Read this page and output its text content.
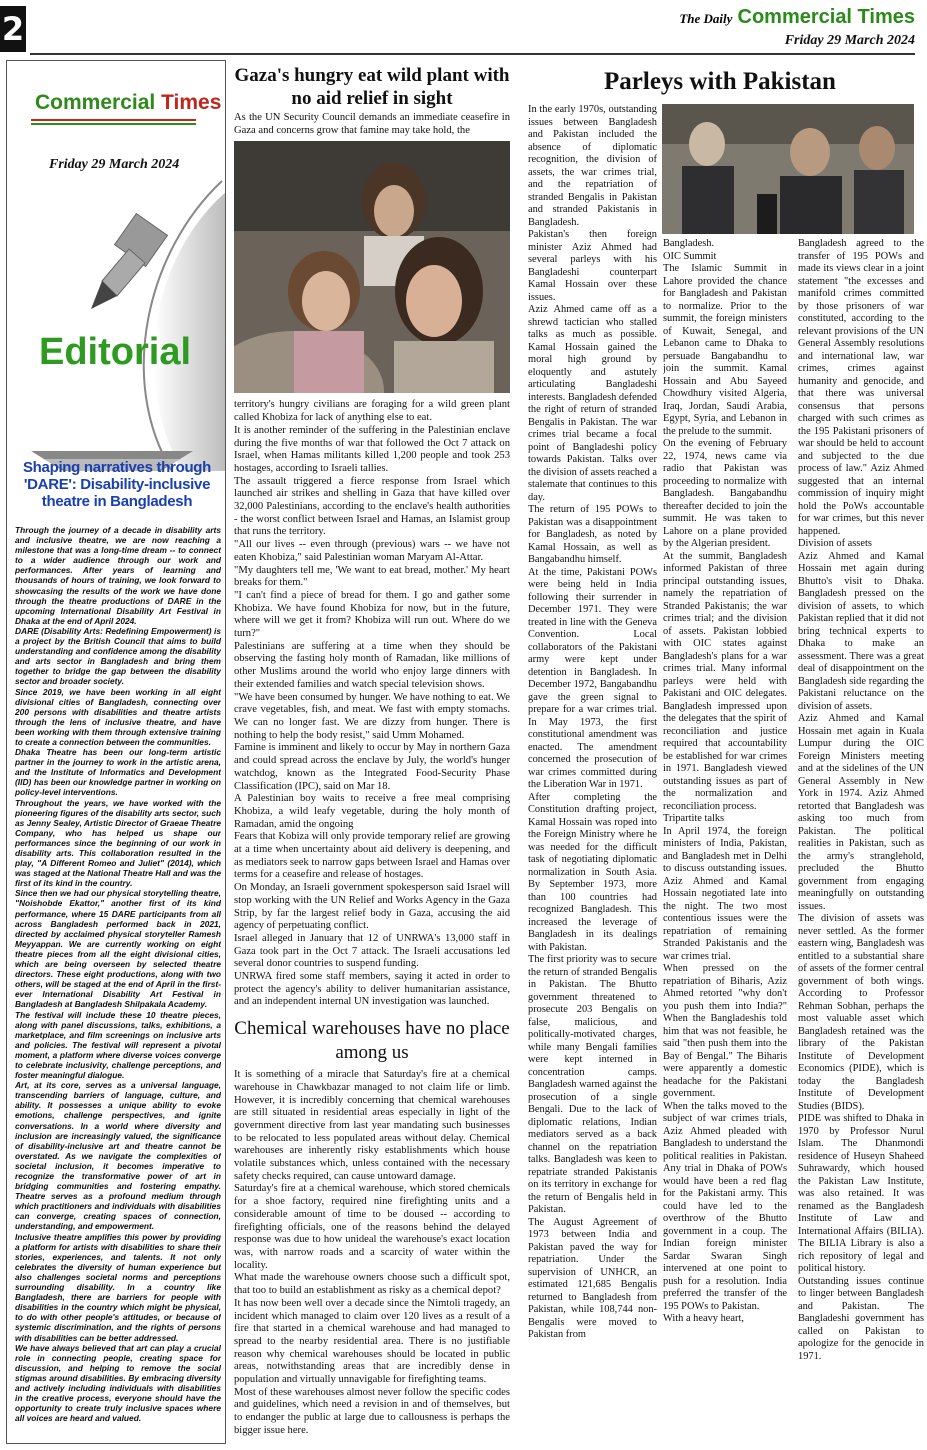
2	The Daily Commercial Times
Friday 29 March 2024
Commercial Times
Friday 29 March 2024
Editorial
Shaping narratives through 'DARE': Disability-inclusive theatre in Bangladesh

Through the journey of a decade in disability arts and inclusive theatre, we are now reaching a milestone that was a long-time dream -- to connect to a wider audience through our work and performances. After years of learning and thousands of hours of training, we look forward to showcasing the results of the work we have done through the theatre productions of DARE in the upcoming International Disability Art Festival in Dhaka at the end of April 2024.

DARE (Disability Arts: Redefining Empowerment) is a project by the British Council that aims to build understanding and confidence among the disability and arts sector in Bangladesh and bring them together to bridge the gap between the disability sector and broader society.

Since 2019, we have been working in all eight divisional cities of Bangladesh, connecting over 200 persons with disabilities and theatre artists through the lens of inclusive theatre, and have been working with them through extensive training to create a connection between the communities.

Dhaka Theatre has been our long-term artistic partner in the journey to work in the artistic arena, and the Institute of Informatics and Development (IID) has been our knowledge partner in working on policy-level interventions.

Throughout the years, we have worked with the pioneering figures of the disability arts sector, such as Jenny Sealey, Artistic Director of Graeae Theatre Company, who has helped us shape our performances since the beginning of our work in disability arts. This collaboration resulted in the play, "A Different Romeo and Juliet" (2014), which was staged at the National Theatre Hall and was the first of its kind in the country.

Since then we had our physical storytelling theatre, "Noishobde Ekattor," another first of its kind performance, where 15 DARE participants from all across Bangladesh performed back in 2021, directed by acclaimed physical storyteller Ramesh Meyyappan. We are currently working on eight theatre pieces from all the eight divisional cities, which are being overseen by selected theatre directors. These eight productions, along with two others, will be staged at the end of April in the first-ever International Disability Art Festival in Bangladesh at Bangladesh Shilpakala Academy.

The festival will include these 10 theatre pieces, along with panel discussions, talks, exhibitions, a marketplace, and film screenings on inclusive arts and policies. The festival will represent a pivotal moment, a platform where diverse voices converge to celebrate inclusivity, challenge perceptions, and foster meaningful dialogue.

Art, at its core, serves as a universal language, transcending barriers of language, culture, and ability. It possesses a unique ability to evoke emotions, challenge perspectives, and ignite conversations. In a world where diversity and inclusion are increasingly valued, the significance of disability-inclusive art and theatre cannot be overstated. As we navigate the complexities of societal inclusion, it becomes imperative to recognize the transformative power of art in bridging communities and fostering empathy. Theatre serves as a profound medium through which practitioners and individuals with disabilities can converge, creating spaces of connection, understanding, and empowerment.

Inclusive theatre amplifies this power by providing a platform for artists with disabilities to share their stories, experiences, and talents. It not only celebrates the diversity of human experience but also challenges societal norms and perceptions surrounding disability. In a country like Bangladesh, there are barriers for people with disabilities in the country which might be physical, to do with other people's attitudes, or because of systemic discrimination, and the rights of persons with disabilities can be better addressed.

We have always believed that art can play a crucial role in connecting people, creating space for discussion, and helping to remove the social stigmas around disabilities. By embracing diversity and actively including individuals with disabilities in the creative process, everyone should have the opportunity to create truly inclusive spaces where all voices are heard and valued.

Gaza's hungry eat wild plant with no aid relief in sight
As the UN Security Council demands an immediate ceasefire in Gaza and concerns grow that famine may take hold, the

territory's hungry civilians are foraging for a wild green plant called Khobiza for lack of anything else to eat.

It is another reminder of the suffering in the Palestinian enclave during the five months of war that followed the Oct 7 attack on Israel, when Hamas militants killed 1,200 people and took 253 hostages, according to Israeli tallies.

The assault triggered a fierce response from Israel which launched air strikes and shelling in Gaza that have killed over 32,000 Palestinians, according to the enclave's health authorities - the worst conflict between Israel and Hamas, an Islamist group that runs the territory.

"All our lives -- even through (previous) wars -- we have not eaten Khobiza," said Palestinian woman Maryam Al-Attar.

"My daughters tell me, 'We want to eat bread, mother.' My heart breaks for them."

"I can't find a piece of bread for them. I go and gather some Khobiza. We have found Khobiza for now, but in the future, where will we get it from? Khobiza will run out. Where do we turn?"

Palestinians are suffering at a time when they should be observing the fasting holy month of Ramadan, like millions of other Muslims around the world who enjoy large dinners with their extended families and watch special television shows.

"We have been consumed by hunger. We have nothing to eat. We crave vegetables, fish, and meat. We fast with empty stomachs. We can no longer fast. We are dizzy from hunger. There is nothing to help the body resist," said Umm Mohamed.

Famine is imminent and likely to occur by May in northern Gaza and could spread across the enclave by July, the world's hunger watchdog, known as the Integrated Food-Security Phase Classification (IPC), said on Mar 18.

A Palestinian boy waits to receive a free meal comprising Khobiza, a wild leafy vegetable, during the holy month of Ramadan, amid the ongoing

Fears that Kobiza will only provide temporary relief are growing at a time when uncertainty about aid delivery is deepening, and as mediators seek to narrow gaps between Israel and Hamas over terms for a ceasefire and release of hostages.

On Monday, an Israeli government spokesperson said Israel will stop working with the UN Relief and Works Agency in the Gaza Strip, by far the largest relief body in Gaza, accusing the aid agency of perpetuating conflict.

Israel alleged in January that 12 of UNRWA's 13,000 staff in Gaza took part in the Oct 7 attack. The Israeli accusations led several donor countries to suspend funding.

UNRWA fired some staff members, saying it acted in order to protect the agency's ability to deliver humanitarian assistance, and an independent internal UN investigation was launched.

Chemical warehouses have no place among us

It is something of a miracle that Saturday's fire at a chemical warehouse in Chawkbazar managed to not claim life or limb. However, it is incredibly concerning that chemical warehouses are still situated in residential areas especially in light of the government directive from last year mandating such businesses to be relocated to less populated areas without delay. Chemical warehouses are inherently risky establishments which house volatile substances which, unless contained with the necessary safety checks required, can cause untoward damage.

Saturday's fire at a chemical warehouse, which stored chemicals for a shoe factory, required nine firefighting units and a considerable amount of time to be doused -- according to firefighting officials, one of the reasons behind the delayed response was due to how unideal the warehouse's exact location was, with narrow roads and a scarcity of water within the locality.

What made the warehouse owners choose such a difficult spot, that too to build an establishment as risky as a chemical depot?

It has now been well over a decade since the Nimtoli tragedy, an incident which managed to claim over 120 lives as a result of a fire that started in a chemical warehouse and had managed to spread to the nearby residential area. There is no justifiable reason why chemical warehouses should be located in public areas, notwithstanding areas that are incredibly dense in population and virtually unnavigable for firefighting teams.

Most of these warehouses almost never follow the specific codes and guidelines, which need a revision in and of themselves, but to endanger the public at large due to callousness is perhaps the bigger issue here.

Parleys with Pakistan

In the early 1970s, outstanding issues between Bangladesh and Pakistan included the absence of diplomatic recognition, the division of assets, the war crimes trial, and the repatriation of stranded Bengalis in Pakistan and stranded Pakistanis in Bangladesh.

Pakistan's then foreign minister Aziz Ahmed had several parleys with his Bangladeshi counterpart Kamal Hossain over these issues.

Aziz Ahmed came off as a shrewd tactician who stalled talks as much as possible. Kamal Hossain gained the moral high ground by eloquently and astutely articulating Bangladeshi interests. Bangladesh defended the right of return of stranded Bengalis in Pakistan. The war crimes trial became a focal point of Bangladeshi policy towards Pakistan. Talks over the division of assets reached a stalemate that continues to this day.

The return of 195 POWs to Pakistan was a disappointment for Bangladesh, as noted by Kamal Hossain, as well as Bangabandhu himself.

At the time, Pakistani POWs were being held in India following their surrender in December 1971. They were treated in line with the Geneva Convention. Local collaborators of the Pakistani army were kept under detention in Bangladesh. In December 1972, Bangabandhu gave the green signal to prepare for a war crimes trial. In May 1973, the first constitutional amendment was enacted. The amendment concerned the prosecution of war crimes committed during the Liberation War in 1971.

After completing the Constitution drafting project, Kamal Hossain was roped into the Foreign Ministry where he was needed for the difficult task of negotiating diplomatic normalization in South Asia. By September 1973, more than 100 countries had recognized Bangladesh. This increased the leverage of Bangladesh in its dealings with Pakistan.

The first priority was to secure the return of stranded Bengalis in Pakistan. The Bhutto government threatened to prosecute 203 Bengalis on false, malicious, and politically-motivated charges, while many Bengali families were kept interned in concentration camps. Bangladesh warned against the prosecution of a single Bengali. Due to the lack of diplomatic relations, Indian mediators served as a back channel on the repatriation talks. Bangladesh was keen to repatriate stranded Pakistanis on its territory in exchange for the return of Bengalis held in Pakistan.

The August Agreement of 1973 between India and Pakistan paved the way for repatriation. Under the supervision of UNHCR, an estimated 121,685 Bengalis returned to Bangladesh from Pakistan, while 108,744 non-Bengalis were moved to Pakistan from

Bangladesh.

OIC Summit

The Islamic Summit in Lahore provided the chance for Bangladesh and Pakistan to normalize. Prior to the summit, the foreign ministers of Kuwait, Senegal, and Lebanon came to Dhaka to persuade Bangabandhu to join the summit. Kamal Hossain and Abu Sayeed Chowdhury visited Algeria, Iraq, Jordan, Saudi Arabia, Egypt, Syria, and Lebanon in the prelude to the summit.

On the evening of February 22, 1974, news came via radio that Pakistan was proceeding to normalize with Bangladesh. Bangabandhu thereafter decided to join the summit. He was taken to Lahore on a plane provided by the Algerian president.

At the summit, Bangladesh informed Pakistan of three principal outstanding issues, namely the repatriation of Stranded Pakistanis; the war crimes trial; and the division of assets. Pakistan lobbied with OIC states against Bangladesh's plans for a war crimes trial. Many informal parleys were held with Pakistani and OIC delegates. Bangladesh impressed upon the delegates that the spirit of reconciliation and justice required that accountability be established for war crimes in 1971. Bangladesh viewed outstanding issues as part of the normalization and reconciliation process.

Tripartite talks

In April 1974, the foreign ministers of India, Pakistan, and Bangladesh met in Delhi to discuss outstanding issues. Aziz Ahmed and Kamal Hossain negotiated late into the night. The two most contentious issues were the repatriation of remaining Stranded Pakistanis and the war crimes trial.

When pressed on the repatriation of Biharis, Aziz Ahmed retorted "why don't you push them into India?" When the Bangladeshis told him that was not feasible, he said "then push them into the Bay of Bengal." The Biharis were apparently a domestic headache for the Pakistani government.

When the talks moved to the subject of war crimes trials, Aziz Ahmed pleaded with Bangladesh to understand the political realities in Pakistan. Any trial in Dhaka of POWs would have been a red flag for the Pakistani army. This could have led to the overthrow of the Bhutto government in a coup. The Indian foreign minister Sardar Swaran Singh intervened at one point to push for a resolution. India preferred the transfer of the 195 POWs to Pakistan.

With a heavy heart,

Bangladesh agreed to the transfer of 195 POWs and made its views clear in a joint statement "the excesses and manifold crimes committed by those prisoners of war constituted, according to the relevant provisions of the UN General Assembly resolutions and international law, war crimes, crimes against humanity and genocide, and that there was universal consensus that persons charged with such crimes as the 195 Pakistani prisoners of war should be held to account and subjected to the due process of law." Aziz Ahmed suggested that an internal commission of inquiry might hold the PoWs accountable for war crimes, but this never happened.

Division of assets

Aziz Ahmed and Kamal Hossain met again during Bhutto's visit to Dhaka. Bangladesh pressed on the division of assets, to which Pakistan replied that it did not bring technical experts to Dhaka to make an assessment. There was a great deal of disappointment on the Bangladesh side regarding the Pakistani reluctance on the division of assets.

Aziz Ahmed and Kamal Hossain met again in Kuala Lumpur during the OIC Foreign Ministers meeting and at the sidelines of the UN General Assembly in New York in 1974. Aziz Ahmed retorted that Bangladesh was asking too much from Pakistan. The political realities in Pakistan, such as the army's stranglehold, precluded the Bhutto government from engaging meaningfully on outstanding issues.

The division of assets was never settled. As the former eastern wing, Bangladesh was entitled to a substantial share of assets of the former central government of both wings. According to Professor Rehman Sobhan, perhaps the most valuable asset which Bangladesh retained was the library of the Pakistan Institute of Development Economics (PIDE), which is today the Bangladesh Institute of Development Studies (BIDS).

PIDE was shifted to Dhaka in 1970 by Professor Nurul Islam. The Dhanmondi residence of Huseyn Shaheed Suhrawardy, which housed the Pakistan Law Institute, was also retained. It was renamed as the Bangladesh Institute of Law and International Affairs (BILIA). The BILIA Library is also a rich repository of legal and political history.

Outstanding issues continue to linger between Bangladesh and Pakistan. The Bangladeshi government has called on Pakistan to apologize for the genocide in 1971.
